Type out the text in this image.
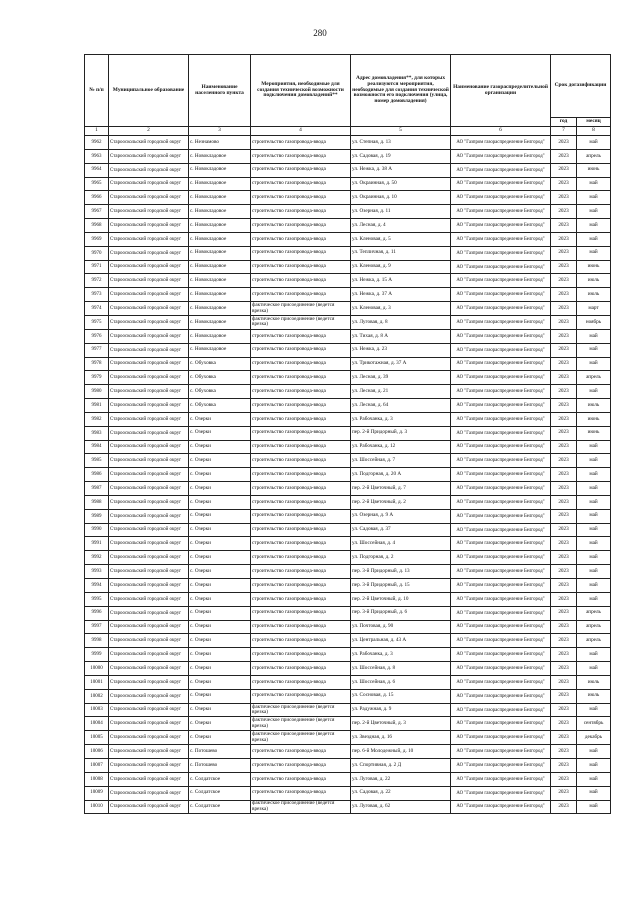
280
№ п/п	Муниципальное образование	Наименование населенного пункта	Мероприятия, необходимые для создания технической возможности подключения домовладений**	Адрес домовладения**, для которых реализуются мероприятия, необходимые для создания технической возможности его подключения (улица, номер домовладения)	Наименование газораспределительной организации	Срок догазификации	
						год	месяц
1	2	3	4	5	6	7	8
9962	Старооскольский городской округ	с. Незнамово	строительство газопровода-ввода	ул. Степная, д. 13	АО "Газпром газораспределение Белгород"	2023	май
9963	Старооскольский городской округ	с. Новокладовое	строительство газопровода-ввода	ул. Садовая, д. 19	АО "Газпром газораспределение Белгород"	2023	апрель
9964	Старооскольский городской округ	с. Новокладовое	строительство газопровода-ввода	ул. Нежка, д. 38 А	АО "Газпром газораспределение Белгород"	2023	июнь
9965	Старооскольский городской округ	с. Новокладовое	строительство газопровода-ввода	ул. Окраинная, д. 50	АО "Газпром газораспределение Белгород"	2023	май
9966	Старооскольский городской округ	с. Новокладовое	строительство газопровода-ввода	ул. Окраинная, д. 10	АО "Газпром газораспределение Белгород"	2023	май
9967	Старооскольский городской округ	с. Новокладовое	строительство газопровода-ввода	ул. Озерная, д. 11	АО "Газпром газораспределение Белгород"	2023	май
9968	Старооскольский городской округ	с. Новокладовое	строительство газопровода-ввода	ул. Лесная, д. 4	АО "Газпром газораспределение Белгород"	2023	май
9969	Старооскольский городской округ	с. Новокладовое	строительство газопровода-ввода	ул. Кленовая, д. 5	АО "Газпром газораспределение Белгород"	2023	май
9970	Старооскольский городской округ	с. Новокладовое	строительство газопровода-ввода	ул. Тепличная, д. 11	АО "Газпром газораспределение Белгород"	2023	май
9971	Старооскольский городской округ	с. Новокладовое	строительство газопровода-ввода	ул. Кленовая, д. 9	АО "Газпром газораспределение Белгород"	2023	июнь
9972	Старооскольский городской округ	с. Новокладовое	строительство газопровода-ввода	ул. Нежка, д. 15 А	АО "Газпром газораспределение Белгород"	2023	июль
9973	Старооскольский городской округ	с. Новокладовое	строительство газопровода-ввода	ул. Нежка, д. 37 А	АО "Газпром газораспределение Белгород"	2023	июль
9974	Старооскольский городской округ	с. Новокладовое	фактическое присоединение (ведется врезка)	ул. Кленовая, д. 3	АО "Газпром газораспределение Белгород"	2023	март
9975	Старооскольский городской округ	с. Новокладовое	фактическое присоединение (ведется врезка)	ул. Луговая, д. 8	АО "Газпром газораспределение Белгород"	2023	ноябрь
9976	Старооскольский городской округ	с. Новокладовое	строительство газопровода-ввода	ул. Тихая, д. 8 А	АО "Газпром газораспределение Белгород"	2023	май
9977	Старооскольский городской округ	с. Новокладовое	строительство газопровода-ввода	ул. Нежка, д. 23	АО "Газпром газораспределение Белгород"	2023	май
9978	Старооскольский городской округ	с. Обуховка	строительство газопровода-ввода	ул. Трикотажная, д. 37 А	АО "Газпром газораспределение Белгород"	2023	май
9979	Старооскольский городской округ	с. Обуховка	строительство газопровода-ввода	ул. Лесная, д. 39	АО "Газпром газораспределение Белгород"	2023	апрель
9980	Старооскольский городской округ	с. Обуховка	строительство газопровода-ввода	ул. Лесная, д. 21	АО "Газпром газораспределение Белгород"	2023	май
9981	Старооскольский городской округ	с. Обуховка	строительство газопровода-ввода	ул. Лесная, д. 64	АО "Газпром газораспределение Белгород"	2023	июль
9982	Старооскольский городской округ	с. Озерки	строительство газопровода-ввода	ул. Рабочанка, д. 3	АО "Газпром газораспределение Белгород"	2023	июнь
9983	Старооскольский городской округ	с. Озерки	строительство газопровода-ввода	пер. 2-й Придорный, д. 3	АО "Газпром газораспределение Белгород"	2023	июнь
9984	Старооскольский городской округ	с. Озерки	строительство газопровода-ввода	ул. Рабочанка, д. 12	АО "Газпром газораспределение Белгород"	2023	май
9985	Старооскольский городской округ	с. Озерки	строительство газопровода-ввода	ул. Шоссейная, д. 7	АО "Газпром газораспределение Белгород"	2023	май
9986	Старооскольский городской округ	с. Озерки	строительство газопровода-ввода	ул. Подгорная, д. 20 А	АО "Газпром газораспределение Белгород"	2023	май
9987	Старооскольский городской округ	с. Озерки	строительство газопровода-ввода	пер. 2-й Цветочный, д. 7	АО "Газпром газораспределение Белгород"	2023	май
9988	Старооскольский городской округ	с. Озерки	строительство газопровода-ввода	пер. 2-й Цветочный, д. 2	АО "Газпром газораспределение Белгород"	2023	май
9989	Старооскольский городской округ	с. Озерки	строительство газопровода-ввода	ул. Озерная, д. 9 А	АО "Газпром газораспределение Белгород"	2023	май
9990	Старооскольский городской округ	с. Озерки	строительство газопровода-ввода	ул. Садовая, д. 37	АО "Газпром газораспределение Белгород"	2023	май
9991	Старооскольский городской округ	с. Озерки	строительство газопровода-ввода	ул. Шоссейная, д. 4	АО "Газпром газораспределение Белгород"	2023	май
9992	Старооскольский городской округ	с. Озерки	строительство газопровода-ввода	ул. Подгорная, д. 2	АО "Газпром газораспределение Белгород"	2023	май
9993	Старооскольский городской округ	с. Озерки	строительство газопровода-ввода	пер. 3-й Придорный, д. 13	АО "Газпром газораспределение Белгород"	2023	май
9994	Старооскольский городской округ	с. Озерки	строительство газопровода-ввода	пер. 3-й Придорный, д. 15	АО "Газпром газораспределение Белгород"	2023	май
9995	Старооскольский городской округ	с. Озерки	строительство газопровода-ввода	пер. 2-й Цветочный, д. 10	АО "Газпром газораспределение Белгород"	2023	май
9996	Старооскольский городской округ	с. Озерки	строительство газопровода-ввода	пер. 3-й Придорный, д. 6	АО "Газпром газораспределение Белгород"	2023	апрель
9997	Старооскольский городской округ	с. Озерки	строительство газопровода-ввода	ул. Почтовая, д. 90	АО "Газпром газораспределение Белгород"	2023	апрель
9998	Старооскольский городской округ	с. Озерки	строительство газопровода-ввода	ул. Центральная, д. 43 А	АО "Газпром газораспределение Белгород"	2023	апрель
9999	Старооскольский городской округ	с. Озерки	строительство газопровода-ввода	ул. Рабочанка, д. 3	АО "Газпром газораспределение Белгород"	2023	май
10000	Старооскольский городской округ	с. Озерки	строительство газопровода-ввода	ул. Шоссейная, д. 8	АО "Газпром газораспределение Белгород"	2023	май
10001	Старооскольский городской округ	с. Озерки	строительство газопровода-ввода	ул. Шоссейная, д. 6	АО "Газпром газораспределение Белгород"	2023	июль
10002	Старооскольский городской округ	с. Озерки	строительство газопровода-ввода	ул. Сосновая, д. 15	АО "Газпром газораспределение Белгород"	2023	июль
10003	Старооскольский городской округ	с. Озерки	фактическое присоединение (ведется врезка)	ул. Радужная, д. 9	АО "Газпром газораспределение Белгород"	2023	май
10004	Старооскольский городской округ	с. Озерки	фактическое присоединение (ведется врезка)	пер. 2-й Цветочный, д. 3	АО "Газпром газораспределение Белгород"	2023	сентябрь
10005	Старооскольский городской округ	с. Озерки	фактическое присоединение (ведется врезка)	ул. Звездная, д. 16	АО "Газпром газораспределение Белгород"	2023	декабрь
10006	Старооскольский городской округ	с. Потошево	строительство газопровода-ввода	пер. 6-й Молодежный, д. 10	АО "Газпром газораспределение Белгород"	2023	май
10007	Старооскольский городской округ	с. Потошево	строительство газопровода-ввода	ул. Спортивная, д. 2 Д	АО "Газпром газораспределение Белгород"	2023	май
10008	Старооскольский городской округ	с. Солдатское	строительство газопровода-ввода	ул. Луговая, д. 22	АО "Газпром газораспределение Белгород"	2023	май
10009	Старооскольский городской округ	с. Солдатское	строительство газопровода-ввода	ул. Садовая, д. 22	АО "Газпром газораспределение Белгород"	2023	май
10010	Старооскольский городской округ	с. Солдатское	фактическое присоединение (ведется врезка)	ул. Луговая, д. 62	АО "Газпром газораспределение Белгород"	2023	май
